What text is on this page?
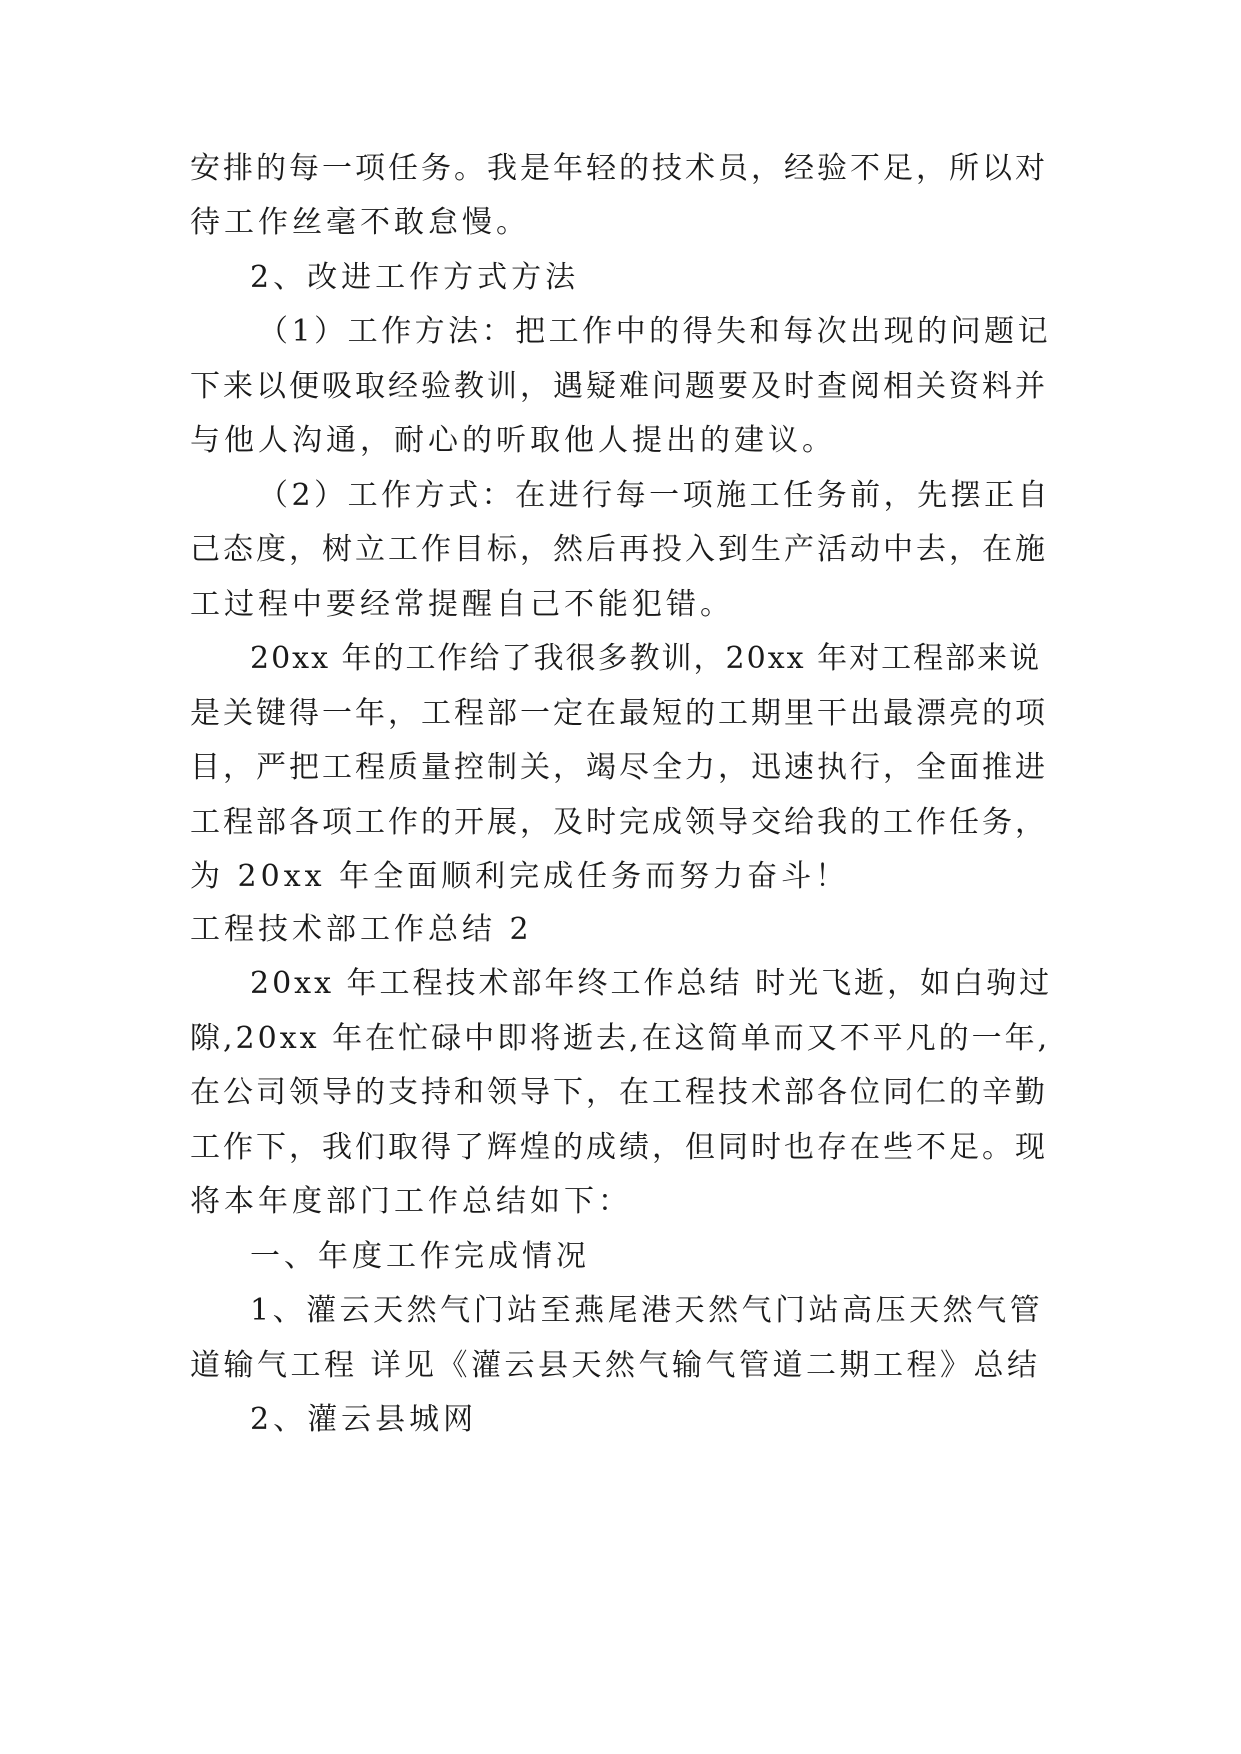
安排的每一项任务。我是年轻的技术员，经验不足，所以对
待工作丝毫不敢怠慢。
2、改进工作方式方法
（1）工作方法：把工作中的得失和每次出现的问题记
下来以便吸取经验教训，遇疑难问题要及时查阅相关资料并
与他人沟通，耐心的听取他人提出的建议。
（2）工作方式：在进行每一项施工任务前，先摆正自
己态度，树立工作目标，然后再投入到生产活动中去，在施
工过程中要经常提醒自己不能犯错。
20xx 年的工作给了我很多教训，20xx 年对工程部来说
是关键得一年，工程部一定在最短的工期里干出最漂亮的项
目，严把工程质量控制关，竭尽全力，迅速执行，全面推进
工程部各项工作的开展，及时完成领导交给我的工作任务，
为 20xx 年全面顺利完成任务而努力奋斗！
工程技术部工作总结 2
20xx 年工程技术部年终工作总结 时光飞逝，如白驹过
隙,20xx 年在忙碌中即将逝去,在这简单而又不平凡的一年,
在公司领导的支持和领导下，在工程技术部各位同仁的辛勤
工作下，我们取得了辉煌的成绩，但同时也存在些不足。现
将本年度部门工作总结如下：
一、年度工作完成情况
1、灌云天然气门站至燕尾港天然气门站高压天然气管
道输气工程 详见《灌云县天然气输气管道二期工程》总结
2、灌云县城网
